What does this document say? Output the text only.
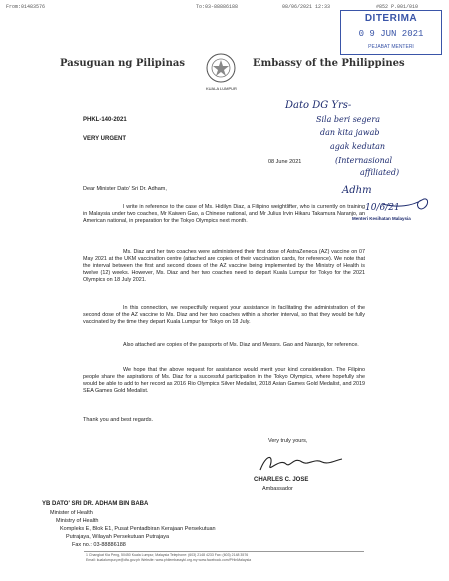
From:01483576	To:03-88886188	08/06/2021 12:33	#852 P.001/010
DITERIMA
0 9 JUN 2021
PEJABAT MENTERI
Pasuguan ng Pilipinas	Embassy of the Philippines
KUALA LUMPUR
PHKL-140-2021
VERY URGENT
08 June 2021
Dear Minister Dato' Sri Dr. Adham,
I write in reference to the case of Ms. Hidilyn Diaz, a Filipino weightlifter, who is currently on training in Malaysia under two coaches, Mr Kaiwen Gao, a Chinese national, and Mr Julius Irvin Hikaru Takamura Naranjo, an American national, in preparation for the Tokyo Olympics next month.
Ms. Diaz and her two coaches were administered their first dose of AstraZeneca (AZ) vaccine on 07 May 2021 at the UKM vaccination centre (attached are copies of their vaccination cards, for reference). We note that the interval between the first and second doses of the AZ vaccine being implemented by the Ministry of Health is twelve (12) weeks. However, Ms. Diaz and her two coaches need to depart Kuala Lumpur for Tokyo for the 2021 Olympics on 18 July 2021.
In this connection, we respectfully request your assistance in facilitating the administration of the second dose of the AZ vaccine to Ms. Diaz and her two coaches within a shorter interval, so that they would be fully vaccinated by the time they depart Kuala Lumpur for Tokyo on 18 July.
Also attached are copies of the passports of Ms. Diaz and Messrs. Gao and Naranjo, for reference.
We hope that the above request for assistance would merit your kind consideration. The Filipino people share the aspirations of Ms. Diaz for a successful participation in the Tokyo Olympics, where hopefully she would be able to add to her record as 2016 Rio Olympics Silver Medalist, 2018 Asian Games Gold Medalist, and 2019 SEA Games Gold Medalist.
Thank you and best regards.
Very truly yours,
CHARLES C. JOSE
Ambassador
YB DATO' SRI DR. ADHAM BIN BABA
Minister of Health
Ministry of Health
Kompleks E, Blok E1, Pusat Pentadbiran Kerajaan Persekutuan
Putrajaya, Wilayah Persekutuan Putrajaya
Fax no.: 03-88886188
1 Changkat Kia Peng, 50450 Kuala Lumpur, Malaysia Telephone: (603) 2148 4233 Fax: (603) 2148 3576
Email: kualalumpur.pe@dfa.gov.ph Website: www.philembassykl.org.my www.facebook.com/PHinMalaysia
Dato DG Yrs-
Sila beri segera
dan kita jawab
agak kedutan
(Internasional
affiliated)
Adhm
10/6/21
Menteri Kesihatan Malaysia
